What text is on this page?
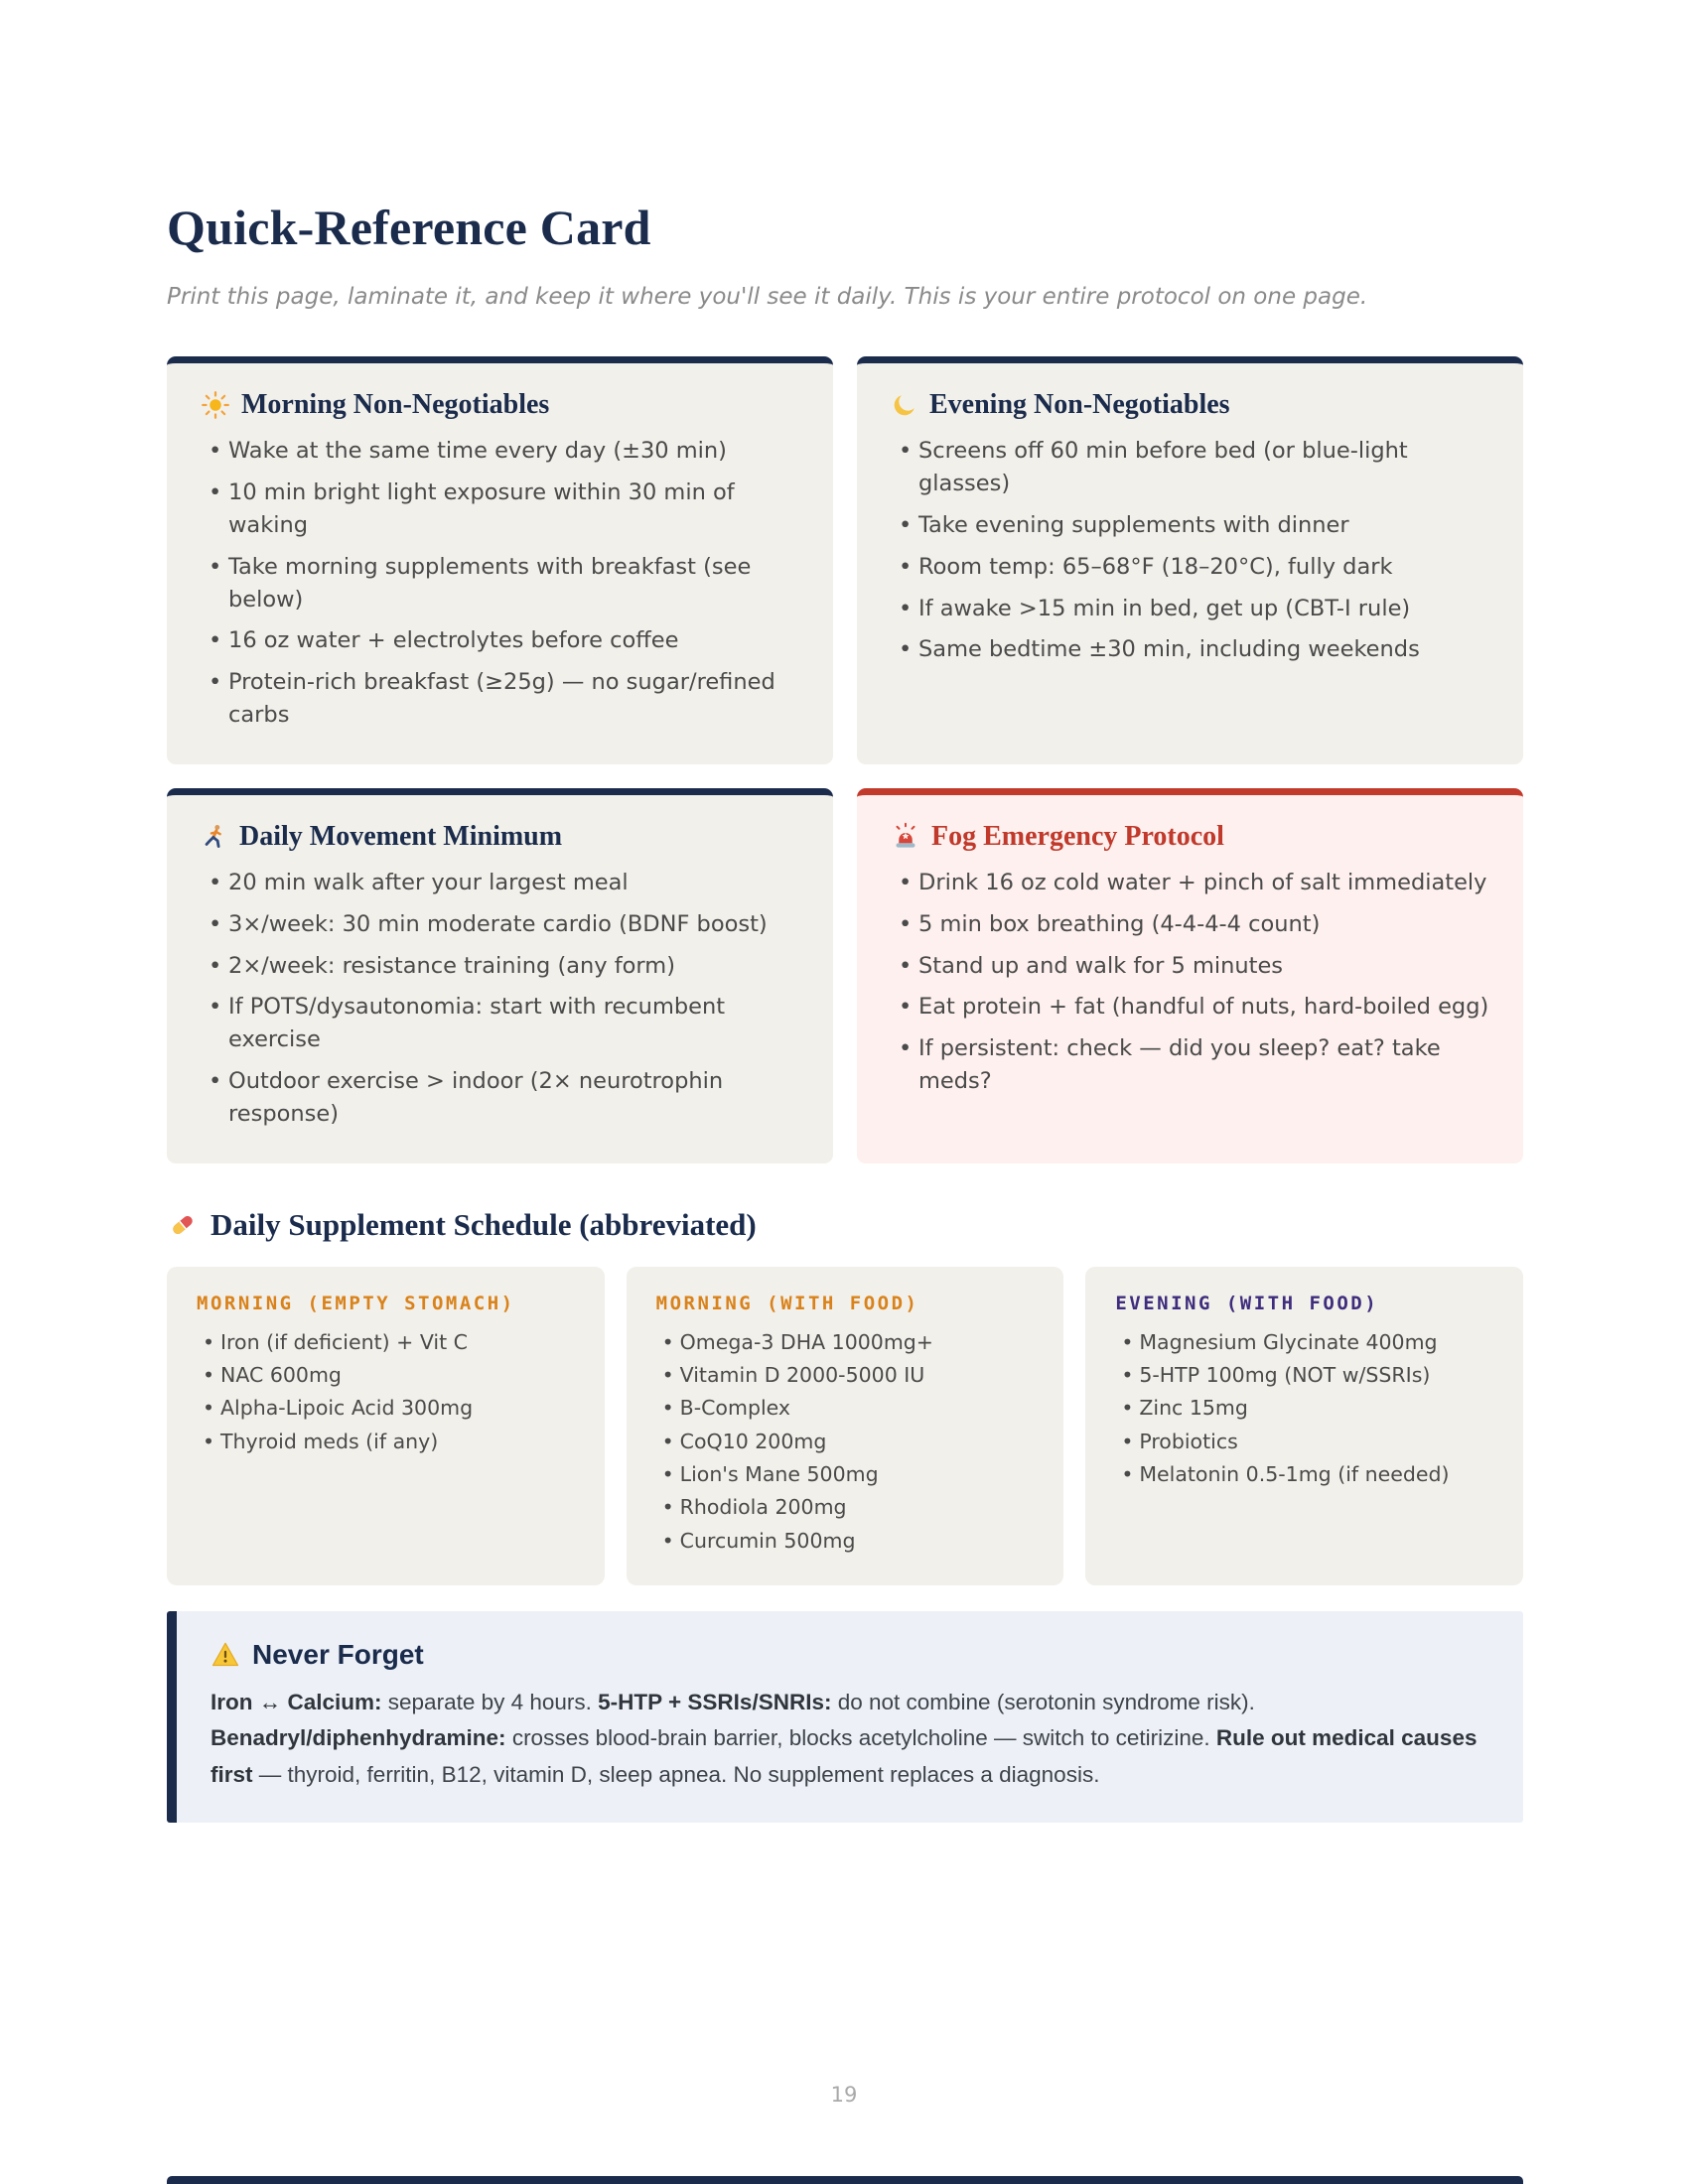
Quick-Reference Card

Print this page, laminate it, and keep it where you'll see it daily. This is your entire protocol on one page.

Morning Non-Negotiables
• Wake at the same time every day (±30 min)
• 10 min bright light exposure within 30 min of waking
• Take morning supplements with breakfast (see below)
• 16 oz water + electrolytes before coffee
• Protein-rich breakfast (≥25g) — no sugar/refined carbs
Evening Non-Negotiables
• Screens off 60 min before bed (or blue-light glasses)
• Take evening supplements with dinner
• Room temp: 65–68°F (18–20°C), fully dark
• If awake >15 min in bed, get up (CBT-I rule)
• Same bedtime ±30 min, including weekends
Daily Movement Minimum
• 20 min walk after your largest meal
• 3×/week: 30 min moderate cardio (BDNF boost)
• 2×/week: resistance training (any form)
• If POTS/dysautonomia: start with recumbent exercise
• Outdoor exercise > indoor (2× neurotrophin response)
Fog Emergency Protocol
• Drink 16 oz cold water + pinch of salt immediately
• 5 min box breathing (4-4-4-4 count)
• Stand up and walk for 5 minutes
• Eat protein + fat (handful of nuts, hard-boiled egg)
• If persistent: check — did you sleep? eat? take meds?
Daily Supplement Schedule (abbreviated)
MORNING (EMPTY STOMACH)
• Iron (if deficient) + Vit C
• NAC 600mg
• Alpha-Lipoic Acid 300mg
• Thyroid meds (if any)
MORNING (WITH FOOD)
• Omega-3 DHA 1000mg+
• Vitamin D 2000-5000 IU
• B-Complex
• CoQ10 200mg
• Lion's Mane 500mg
• Rhodiola 200mg
• Curcumin 500mg
EVENING (WITH FOOD)
• Magnesium Glycinate 400mg
• 5-HTP 100mg (NOT w/SSRIs)
• Zinc 15mg
• Probiotics
• Melatonin 0.5-1mg (if needed)
Never Forget

Iron ↔ Calcium: separate by 4 hours. 5-HTP + SSRIs/SNRIs: do not combine (serotonin syndrome risk). Benadryl/diphenhydramine: crosses blood-brain barrier, blocks acetylcholine — switch to cetirizine. Rule out medical causes first — thyroid, ferritin, B12, vitamin D, sleep apnea. No supplement replaces a diagnosis.

19
